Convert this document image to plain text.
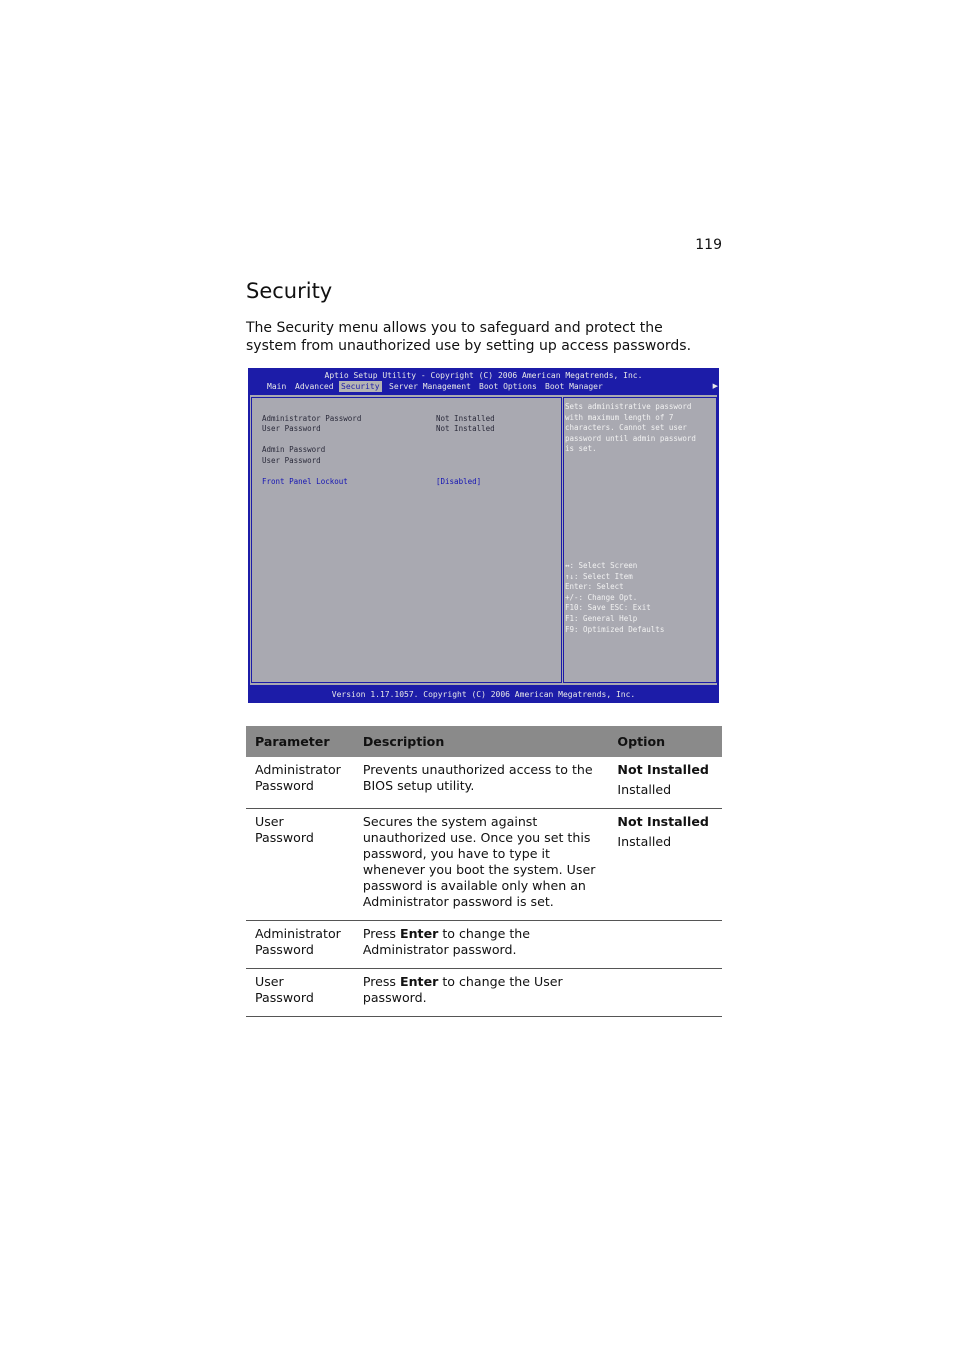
119
Security

The Security menu allows you to safeguard and protect the system from unauthorized use by setting up access passwords.

Aptio Setup Utility - Copyright (C) 2006 American Megatrends, Inc.
Main Advanced Security Server Management Boot Options Boot Manager	▶
Administrator Password	Not Installed
User Password	Not Installed
Admin Password
User Password
Front Panel Lockout	[Disabled]
Sets administrative password
with maximum length of 7
characters. Cannot set user
password until admin password
is set.
↔: Select Screen
↑↓: Select Item
Enter: Select
+/-: Change Opt.
F10: Save ESC: Exit
F1: General Help
F9: Optimized Defaults
Version 1.17.1057. Copyright (C) 2006 American Megatrends, Inc.
Parameter	Description	Option
Administrator Password	Prevents unauthorized access to the BIOS setup utility.	Not Installed
Installed

User Password	Secures the system against unauthorized use. Once you set this password, you have to type it whenever you boot the system. User password is available only when an Administrator password is set.	Not Installed
Installed

Administrator Password	Press Enter to change the Administrator password.	
User Password	Press Enter to change the User password.	
